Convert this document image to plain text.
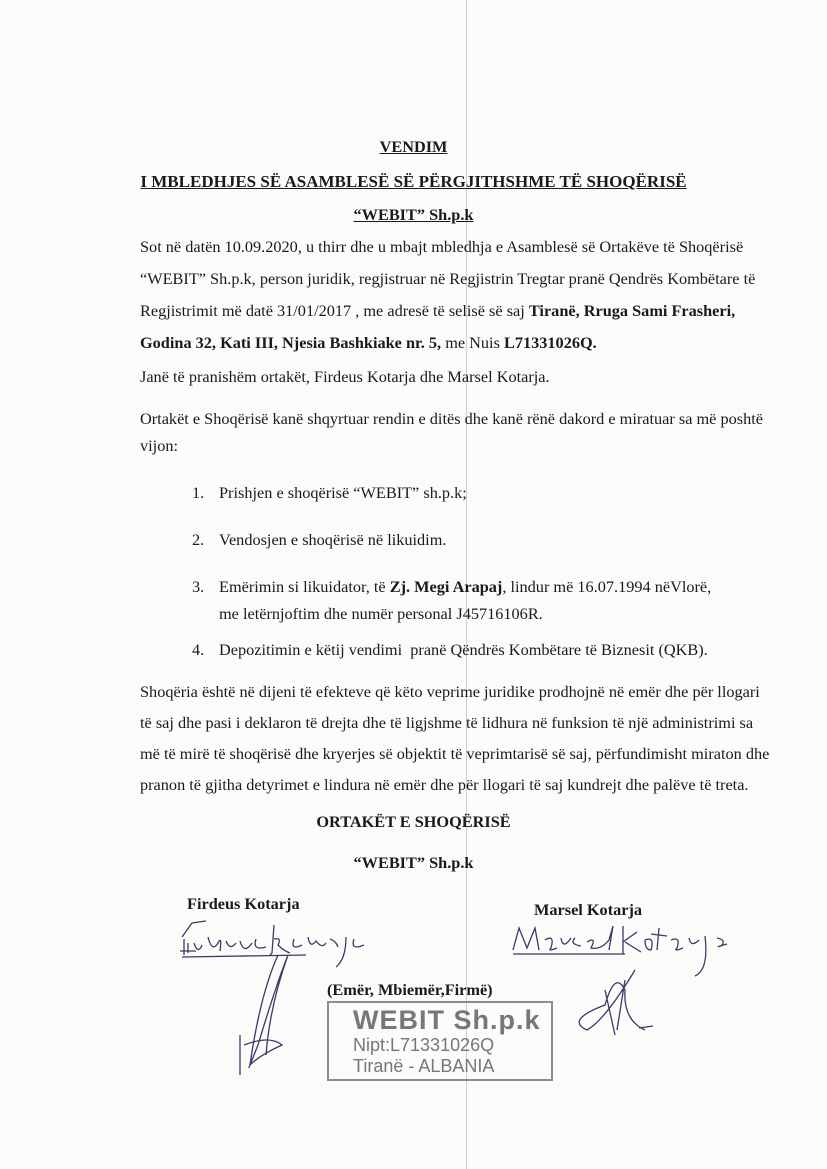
VENDIM
I MBLEDHJES SË ASAMBLESË SË PËRGJITHSHME TË SHOQËRISË
“WEBIT” Sh.p.k
Sot në datën 10.09.2020, u thirr dhe u mbajt mbledhja e Asamblesë së Ortakëve të Shoqërisë
“WEBIT” Sh.p.k, person juridik, regjistruar në Regjistrin Tregtar pranë Qendrës Kombëtare të
Regjistrimit më datë 31/01/2017 , me adresë të selisë së saj Tiranë, Rruga Sami Frasheri,
Godina 32, Kati III, Njesia Bashkiake nr. 5, me Nuis L71331026Q.
Janë të pranishëm ortakët, Firdeus Kotarja dhe Marsel Kotarja.
Ortakët e Shoqërisë kanë shqyrtuar rendin e ditës dhe kanë rënë dakord e miratuar sa më poshtë
vijon:
1. Prishjen e shoqërisë “WEBIT” sh.p.k;
2. Vendosjen e shoqërisë në likuidim.
3. Emërimin si likuidator, të Zj. Megi Arapaj, lindur më 16.07.1994 nëVlorë,
me letërnjoftim dhe numër personal J45716106R.
4. Depozitimin e këtij vendimi  pranë Qëndrës Kombëtare të Biznesit (QKB).
Shoqëria është në dijeni të efekteve që këto veprime juridike prodhojnë në emër dhe për llogari
të saj dhe pasi i deklaron të drejta dhe të ligjshme të lidhura në funksion të një administrimi sa
më të mirë të shoqërisë dhe kryerjes së objektit të veprimtarisë së saj, përfundimisht miraton dhe
pranon të gjitha detyrimet e lindura në emër dhe për llogari të saj kundrejt dhe palëve të treta.
ORTAKËT E SHOQËRISË
“WEBIT” Sh.p.k
Firdeus Kotarja	Marsel Kotarja
(Emër, Mbiemër,Firmë)
WEBIT Sh.p.k
Nipt:L71331026Q
Tiranë - ALBANIA
